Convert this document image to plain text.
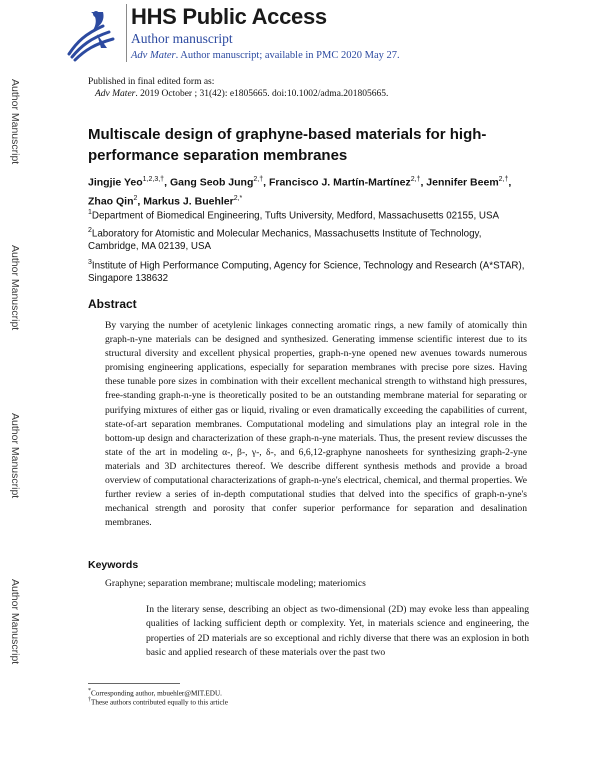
Author Manuscript
Author Manuscript
Author Manuscript
Author Manuscript
HHS Public Access
Author manuscript
Adv Mater. Author manuscript; available in PMC 2020 May 27.
Published in final edited form as:
Adv Mater. 2019 October ; 31(42): e1805665. doi:10.1002/adma.201805665.
Multiscale design of graphyne-based materials for high-performance separation membranes
Jingjie Yeo$^{1,2,3,\dagger}$, Gang Seob Jung$^{2,\dagger}$, Francisco J. Martín-Martínez$^{2,\dagger}$, Jennifer Beem$^{2,\dagger}$, Zhao Qin$^2$, Markus J. Buehler$^{2,*}$
$^1$Department of Biomedical Engineering, Tufts University, Medford, Massachusetts 02155, USA
$^2$Laboratory for Atomistic and Molecular Mechanics, Massachusetts Institute of Technology, Cambridge, MA 02139, USA
$^3$Institute of High Performance Computing, Agency for Science, Technology and Research (A*STAR), Singapore 138632
Abstract
By varying the number of acetylenic linkages connecting aromatic rings, a new family of atomically thin graph-n-yne materials can be designed and synthesized. Generating immense scientific interest due to its structural diversity and excellent physical properties, graph-n-yne opened new avenues towards numerous promising engineering applications, especially for separation membranes with precise pore sizes. Having these tunable pore sizes in combination with their excellent mechanical strength to withstand high pressures, free-standing graph-n-yne is theoretically posited to be an outstanding membrane material for separating or purifying mixtures of either gas or liquid, rivaling or even dramatically exceeding the capabilities of current, state-of-art separation membranes. Computational modeling and simulations play an integral role in the bottom-up design and characterization of these graph-n-yne materials. Thus, the present review discusses the state of the art in modeling α-, β-, γ-, δ-, and 6,6,12-graphyne nanosheets for synthesizing graph-2-yne materials and 3D architectures thereof. We describe different synthesis methods and provide a broad overview of computational characterizations of graph-n-yne's electrical, chemical, and thermal properties. We further review a series of in-depth computational studies that delved into the specifics of graph-n-yne's mechanical strength and porosity that confer superior performance for separation and desalination membranes.
Keywords
Graphyne; separation membrane; multiscale modeling; materiomics
In the literary sense, describing an object as two-dimensional (2D) may evoke less than appealing qualities of lacking sufficient depth or complexity. Yet, in materials science and engineering, the properties of 2D materials are so exceptional and richly diverse that there was an explosion in both basic and applied research of these materials over the past two
*Corresponding author, mbuehler@MIT.EDU.
†These authors contributed equally to this article
